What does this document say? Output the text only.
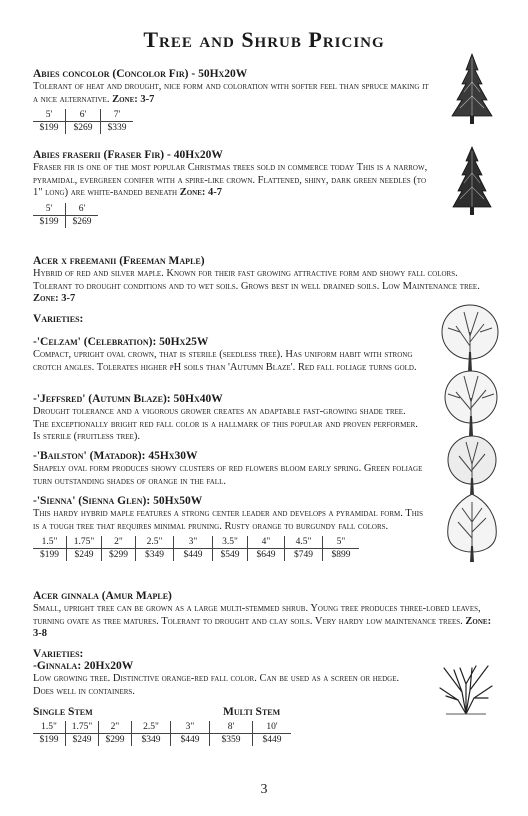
Tree and Shrub Pricing
Abies concolor (Concolor Fir) - 50Hx20W
Tolerant of heat and drought, nice form and coloration with softer feel than spruce making it a nice alternative. Zone: 3-7
5'	6'	7'
$199	$269	$339
Abies fraserii (Fraser Fir) - 40Hx20W
Fraser fir is one of the most popular Christmas trees sold in commerce today This is a narrow, pyramidal, evergreen conifer with a spire-like crown. Flattened, shiny, dark green needles (to 1" long) are white-banded beneath Zone: 4-7
5'	6'
$199	$269
Acer x freemanii (Freeman Maple)
Hybrid of red and silver maple. Known for their fast growing attractive form and showy fall colors. Tolerant to drought conditions and to wet soils. Grows best in well drained soils. Low Maintenance tree. Zone: 3-7
Varieties:
-'Celzam' (Celebration): 50Hx25W
Compact, upright oval crown, that is sterile (seedless tree). Has uniform habit with strong crotch angles. Tolerates higher pH soils than 'Autumn Blaze'. Red fall foliage turns gold.
-'Jeffsred' (Autumn Blaze): 50Hx40W
Drought tolerance and a vigorous grower creates an adaptable fast-growing shade tree. The exceptionally bright red fall color is a hallmark of this popular and proven performer. Is sterile (fruitless tree).
-'Bailston' (Matador): 45Hx30W
Shapely oval form produces showy clusters of red flowers bloom early spring. Green foliage turn outstanding shades of orange in the fall.
-'Sienna' (Sienna Glen): 50Hx50W
This hardy hybrid maple features a strong center leader and develops a pyramidal form. This is a tough tree that requires minimal pruning. Rusty orange to burgundy fall colors.
1.5"	1.75"	2"	2.5"	3"	3.5"	4"	4.5"	5"
$199	$249	$299	$349	$449	$549	$649	$749	$899
Acer ginnala (Amur Maple)
Small, upright tree can be grown as a large multi-stemmed shrub. Young tree produces three-lobed leaves, turning ovate as tree matures. Tolerant to drought and clay soils. Very hardy low maintenance trees. Zone: 3-8
Varieties:
-Ginnala: 20Hx20W
Low growing tree. Distinctive orange-red fall color. Can be used as a screen or hedge. Does well in containers.
Single Stem	Multi Stem
1.5"	1.75"	2"	2.5"	3"	8'	10'
$199	$249	$299	$349	$449	$359	$449
3
